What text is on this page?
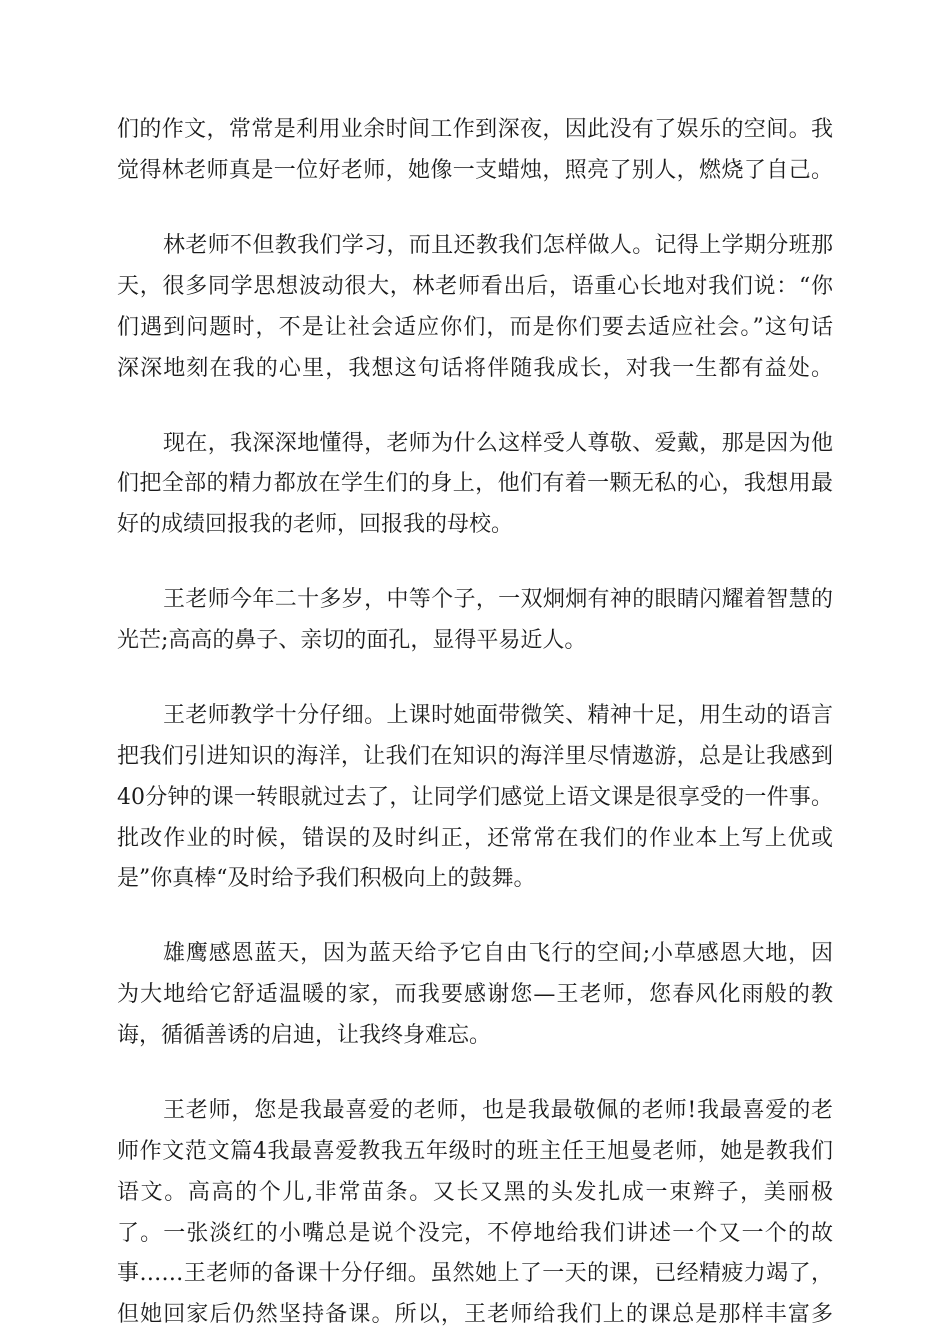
们的作文，常常是利用业余时间工作到深夜，因此没有了娱乐的空间。我
觉得林老师真是一位好老师，她像一支蜡烛，照亮了别人，燃烧了自己。
林老师不但教我们学习，而且还教我们怎样做人。记得上学期分班那
天，很多同学思想波动很大，林老师看出后，语重心长地对我们说：“你
们遇到问题时，不是让社会适应你们，而是你们要去适应社会。”这句话
深深地刻在我的心里，我想这句话将伴随我成长，对我一生都有益处。
现在，我深深地懂得，老师为什么这样受人尊敬、爱戴，那是因为他
们把全部的精力都放在学生们的身上，他们有着一颗无私的心，我想用最
好的成绩回报我的老师，回报我的母校。
王老师今年二十多岁，中等个子，一双炯炯有神的眼睛闪耀着智慧的
光芒;高高的鼻子、亲切的面孔，显得平易近人。
王老师教学十分仔细。上课时她面带微笑、精神十足，用生动的语言
把我们引进知识的海洋，让我们在知识的海洋里尽情遨游，总是让我感到
40分钟的课一转眼就过去了，让同学们感觉上语文课是很享受的一件事。
批改作业的时候，错误的及时纠正，还常常在我们的作业本上写上优或
是”你真棒“及时给予我们积极向上的鼓舞。
雄鹰感恩蓝天，因为蓝天给予它自由飞行的空间;小草感恩大地，因
为大地给它舒适温暖的家，而我要感谢您—王老师，您春风化雨般的教
诲，循循善诱的启迪，让我终身难忘。
王老师，您是我最喜爱的老师，也是我最敬佩的老师!我最喜爱的老
师作文范文篇4我最喜爱教我五年级时的班主任王旭曼老师，她是教我们
语文。高高的个儿,非常苗条。又长又黑的头发扎成一束辫子，美丽极
了。一张淡红的小嘴总是说个没完，不停地给我们讲述一个又一个的故
事……王老师的备课十分仔细。虽然她上了一天的课，已经精疲力竭了，
但她回家后仍然坚持备课。所以，王老师给我们上的课总是那样丰富多
